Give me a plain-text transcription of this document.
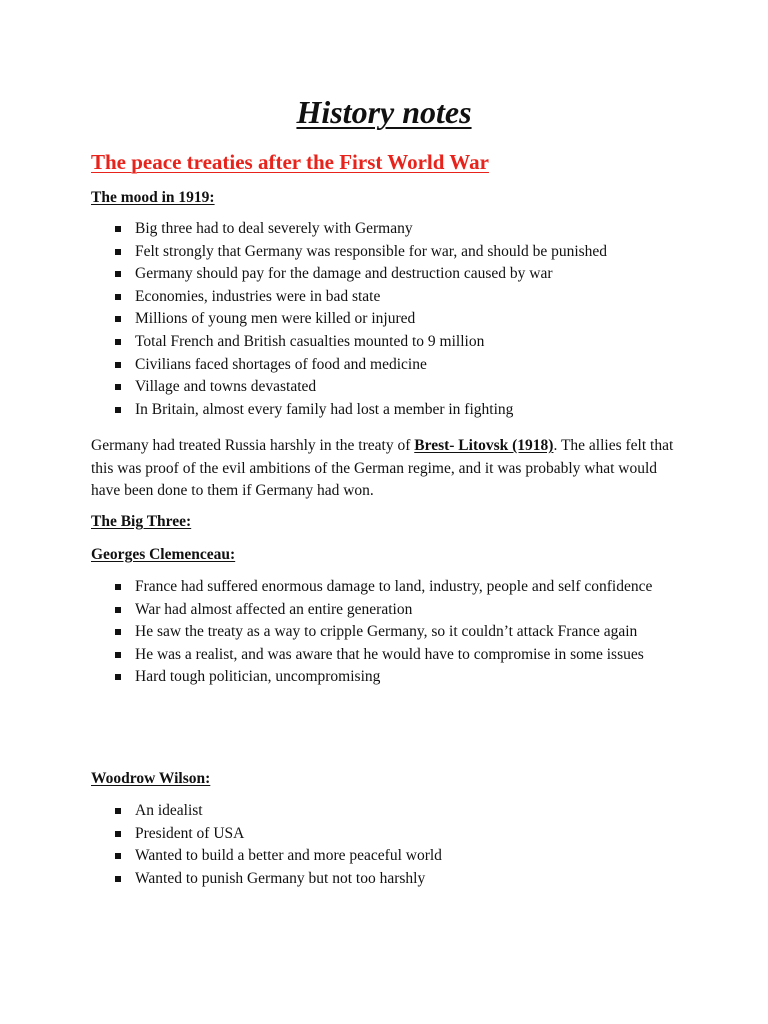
History notes
The peace treaties after the First World War
The mood in 1919:
Big three had to deal severely with Germany
Felt strongly that Germany was responsible for war, and should be punished
Germany should pay for the damage and destruction caused by war
Economies, industries were in bad state
Millions of young men were killed or injured
Total French and British casualties mounted to 9 million
Civilians faced shortages of food and medicine
Village and towns devastated
In Britain, almost every family had lost a member in fighting

Germany had treated Russia harshly in the treaty of Brest- Litovsk (1918). The allies felt that this was proof of the evil ambitions of the German regime, and it was probably what would have been done to them if Germany had won.

The Big Three:
Georges Clemenceau:
France had suffered enormous damage to land, industry, people and self confidence
War had almost affected an entire generation
He saw the treaty as a way to cripple Germany, so it couldn’t attack France again
He was a realist, and was aware that he would have to compromise in some issues
Hard tough politician, uncompromising
Woodrow Wilson:
An idealist
President of USA
Wanted to build a better and more peaceful world
Wanted to punish Germany but not too harshly
